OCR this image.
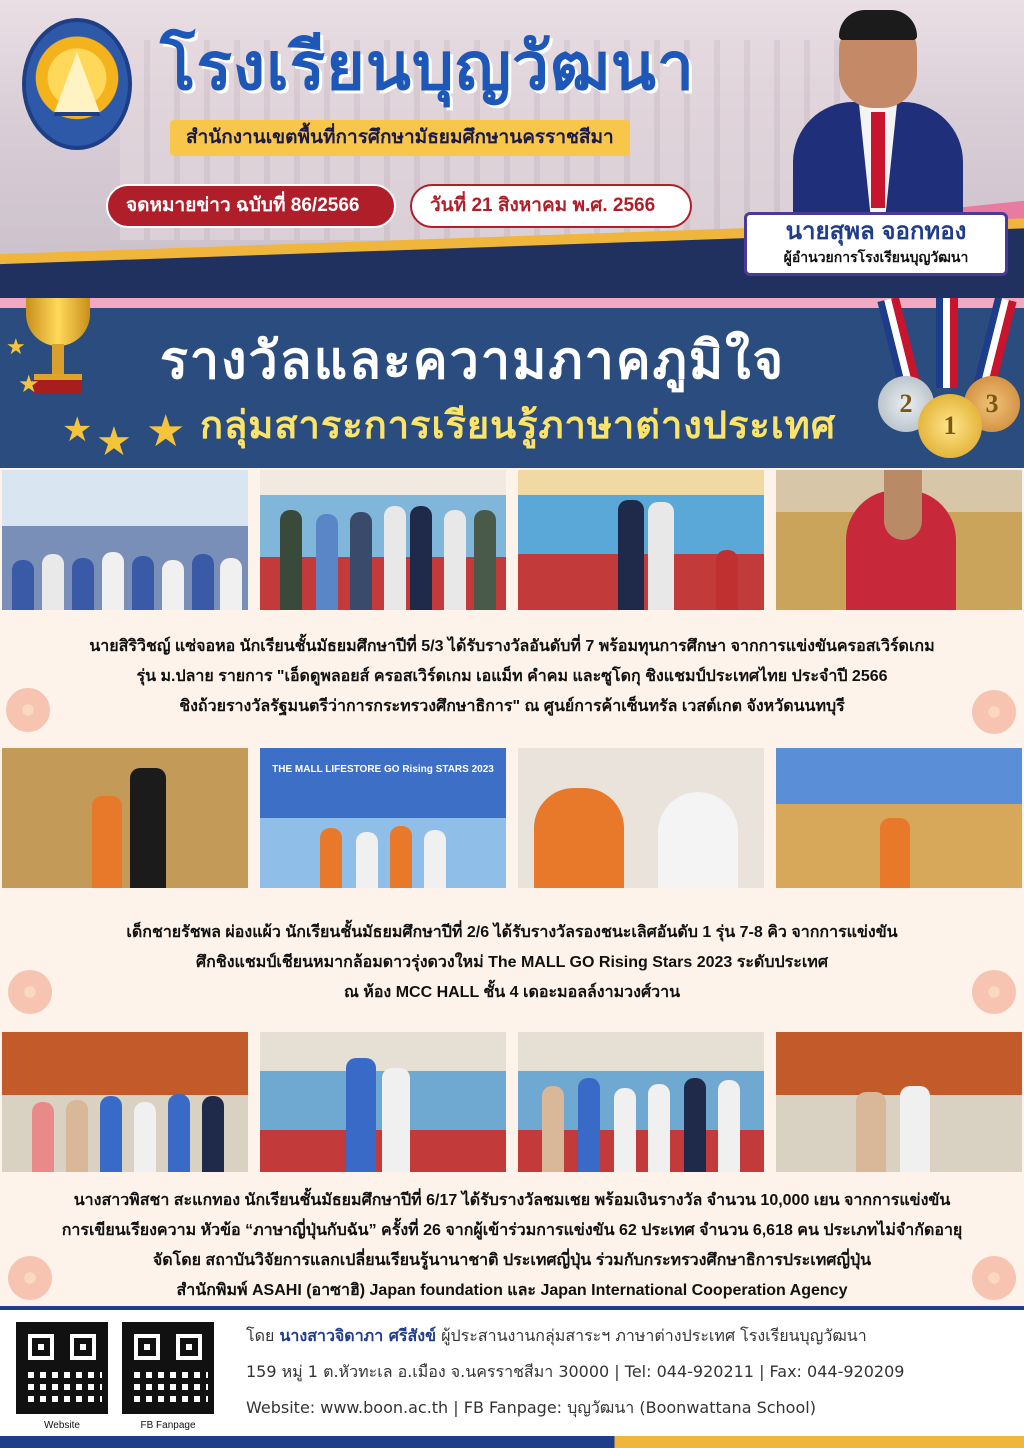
โรงเรียนบุญวัฒนา
สำนักงานเขตพื้นที่การศึกษามัธยมศึกษานครราชสีมา
จดหมายข่าว ฉบับที่ 86/2566	วันที่ 21 สิงหาคม พ.ศ. 2566
นายสุพล จอกทอง
ผู้อำนวยการโรงเรียนบุญวัฒนา
★
★
★ ★ ★
รางวัลและความภาคภูมิใจ
กลุ่มสาระการเรียนรู้ภาษาต่างประเทศ
2	3
1
นายสิริวิชญ์ แซ่จอหอ นักเรียนชั้นมัธยมศึกษาปีที่ 5/3 ได้รับรางวัลอันดับที่ 7 พร้อมทุนการศึกษา จากการแข่งขันครอสเวิร์ดเกม
รุ่น ม.ปลาย รายการ "เอ็ดดูพลอยส์ ครอสเวิร์ดเกม เอแม็ท คำคม และซูโดกุ ชิงแชมป์ประเทศไทย ประจำปี 2566
ชิงถ้วยรางวัลรัฐมนตรีว่าการกระทรวงศึกษาธิการ" ณ ศูนย์การค้าเซ็นทรัล เวสต์เกต จังหวัดนนทบุรี
THE MALL LIFESTORE GO Rising STARS 2023
เด็กชายรัชพล ผ่องแผ้ว นักเรียนชั้นมัธยมศึกษาปีที่ 2/6 ได้รับรางวัลรองชนะเลิศอันดับ 1 รุ่น 7-8 คิว จากการแข่งขัน
ศึกชิงแชมป์เชียนหมากล้อมดาวรุ่งดวงใหม่ The MALL GO Rising Stars 2023 ระดับประเทศ
ณ ห้อง MCC HALL ชั้น 4 เดอะมอลล์งามวงศ์วาน
นางสาวพิสชา สะแกทอง นักเรียนชั้นมัธยมศึกษาปีที่ 6/17 ได้รับรางวัลชมเชย พร้อมเงินรางวัล จำนวน 10,000 เยน จากการแข่งขัน
การเขียนเรียงความ หัวข้อ “ภาษาญี่ปุ่นกับฉัน” ครั้งที่ 26 จากผู้เข้าร่วมการแข่งขัน 62 ประเทศ จำนวน 6,618 คน ประเภทไม่จำกัดอายุ
จัดโดย สถาบันวิจัยการแลกเปลี่ยนเรียนรู้นานาชาติ ประเทศญี่ปุ่น ร่วมกับกระทรวงศึกษาธิการประเทศญี่ปุ่น
สำนักพิมพ์ ASAHI (อาซาฮิ) Japan foundation และ Japan International Cooperation Agency
Website	FB Fanpage
โดย นางสาวจิดาภา ศรีสังข์ ผู้ประสานงานกลุ่มสาระฯ ภาษาต่างประเทศ โรงเรียนบุญวัฒนา
159 หมู่ 1 ต.หัวทะเล อ.เมือง จ.นครราชสีมา 30000 | Tel: 044-920211 | Fax: 044-920209
Website: www.boon.ac.th | FB Fanpage: บุญวัฒนา (Boonwattana School)
